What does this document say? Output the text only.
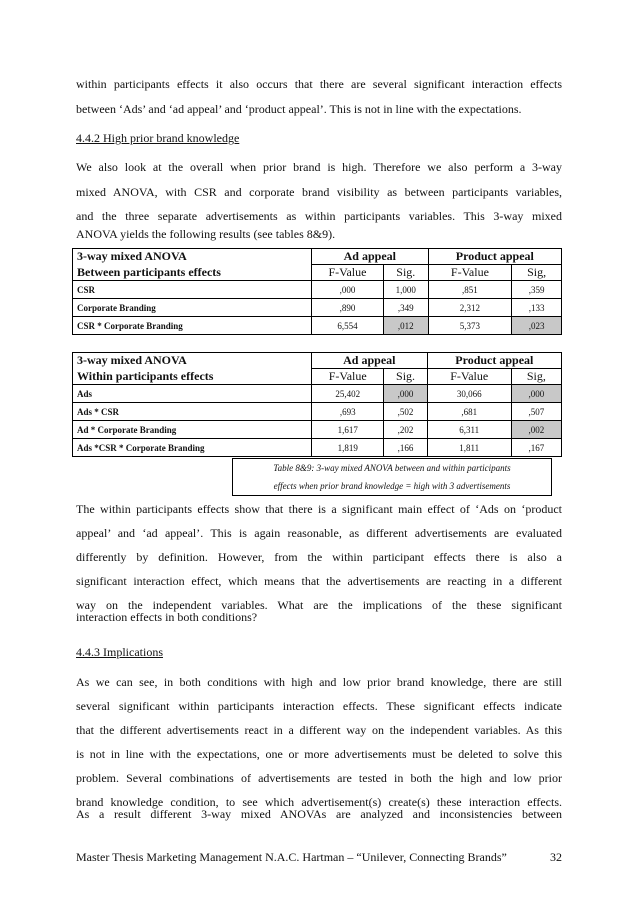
within participants effects it also occurs that there are several significant interaction effects
between ‘Ads’ and ‘ad appeal’ and ‘product appeal’. This is not in line with the expectations.
4.4.2 High prior brand knowledge
We also look at the overall when prior brand is high. Therefore we also perform a 3-way
mixed ANOVA, with CSR and corporate brand visibility as between participants variables,
and the three separate advertisements as within participants variables. This 3-way mixed
ANOVA yields the following results (see tables 8&9).
3-way mixed ANOVA	Ad appeal		Product appeal	
Between participants effects	F-Value	Sig.	F-Value	Sig,
CSR	,000	1,000	,851	,359
Corporate Branding	,890	,349	2,312	,133
CSR * Corporate Branding	6,554	,012	5,373	,023
3-way mixed ANOVA	Ad appeal		Product appeal	
Within participants effects	F-Value	Sig.	F-Value	Sig,
Ads	25,402	,000	30,066	,000
Ads * CSR	,693	,502	,681	,507
Ad * Corporate Branding	1,617	,202	6,311	,002
Ads *CSR * Corporate Branding	1,819	,166	1,811	,167
Table 8&9: 3-way mixed ANOVA between and within participants
effects when prior brand knowledge = high with 3 advertisements
The within participants effects show that there is a significant main effect of ‘Ads on ‘product
appeal’ and ‘ad appeal’. This is again reasonable, as different advertisements are evaluated
differently by definition. However, from the within participant effects there is also a
significant interaction effect, which means that the advertisements are reacting in a different
way on the independent variables. What are the implications of the these significant
interaction effects in both conditions?
4.4.3 Implications
As we can see, in both conditions with high and low prior brand knowledge, there are still
several significant within participants interaction effects. These significant effects indicate
that the different advertisements react in a different way on the independent variables. As this
is not in line with the expectations, one or more advertisements must be deleted to solve this
problem. Several combinations of advertisements are tested in both the high and low prior
brand knowledge condition, to see which advertisement(s) create(s) these interaction effects.
As a result different 3-way mixed ANOVAs are analyzed and inconsistencies between
Master Thesis Marketing Management N.A.C. Hartman – “Unilever, Connecting Brands”	32
